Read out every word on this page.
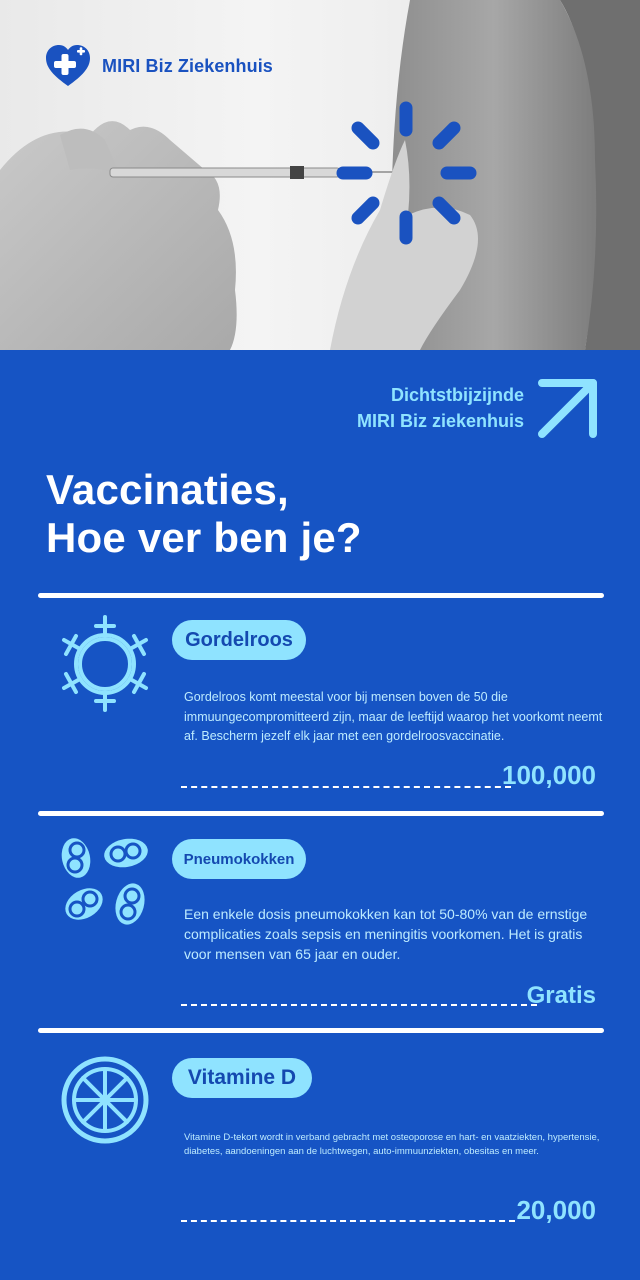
MIRI Biz Ziekenhuis
Dichtstbijzijnde
MIRI Biz ziekenhuis
Vaccinaties,
Hoe ver ben je?
Gordelroos
Gordelroos komt meestal voor bij mensen boven de 50 die immuungecompromitteerd zijn, maar de leeftijd waarop het voorkomt neemt af. Bescherm jezelf elk jaar met een gordelroosvaccinatie.
100,000
Pneumokokken
Een enkele dosis pneumokokken kan tot 50-80% van de ernstige complicaties zoals sepsis en meningitis voorkomen. Het is gratis voor mensen van 65 jaar en ouder.
Gratis
Vitamine D
Vitamine D-tekort wordt in verband gebracht met osteoporose en hart- en vaatziekten, hypertensie, diabetes, aandoeningen aan de luchtwegen, auto-immuunziekten, obesitas en meer.
20,000
